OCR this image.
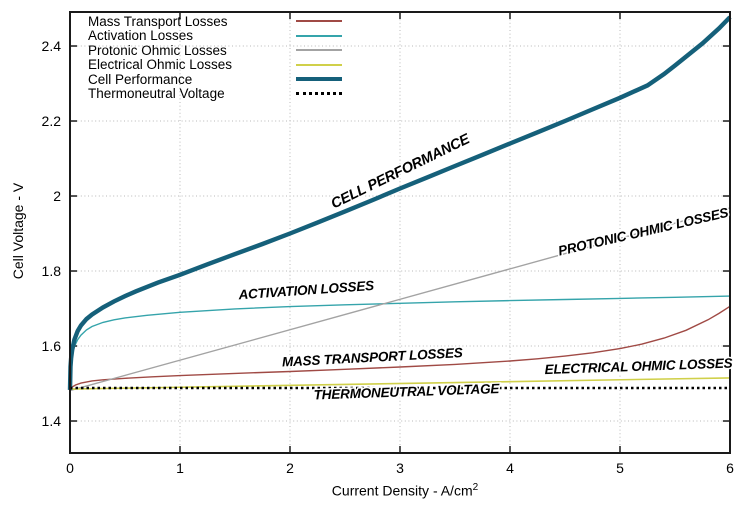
1.4
1.6
1.8
2
2.2
2.4
0	1	2	3	4	5	6
CELL PERFORMANCE
PROTONIC OHMIC LOSSES
ACTIVATION LOSSES
MASS TRANSPORT LOSSES	ELECTRICAL OHMIC LOSSES
THERMONEUTRAL VOLTAGE
Mass Transport Losses
Activation Losses
Protonic Ohmic Losses
Electrical Ohmic Losses
Cell Performance
Thermoneutral Voltage
Current Density - $A/cm^2$
Cell Voltage - V
